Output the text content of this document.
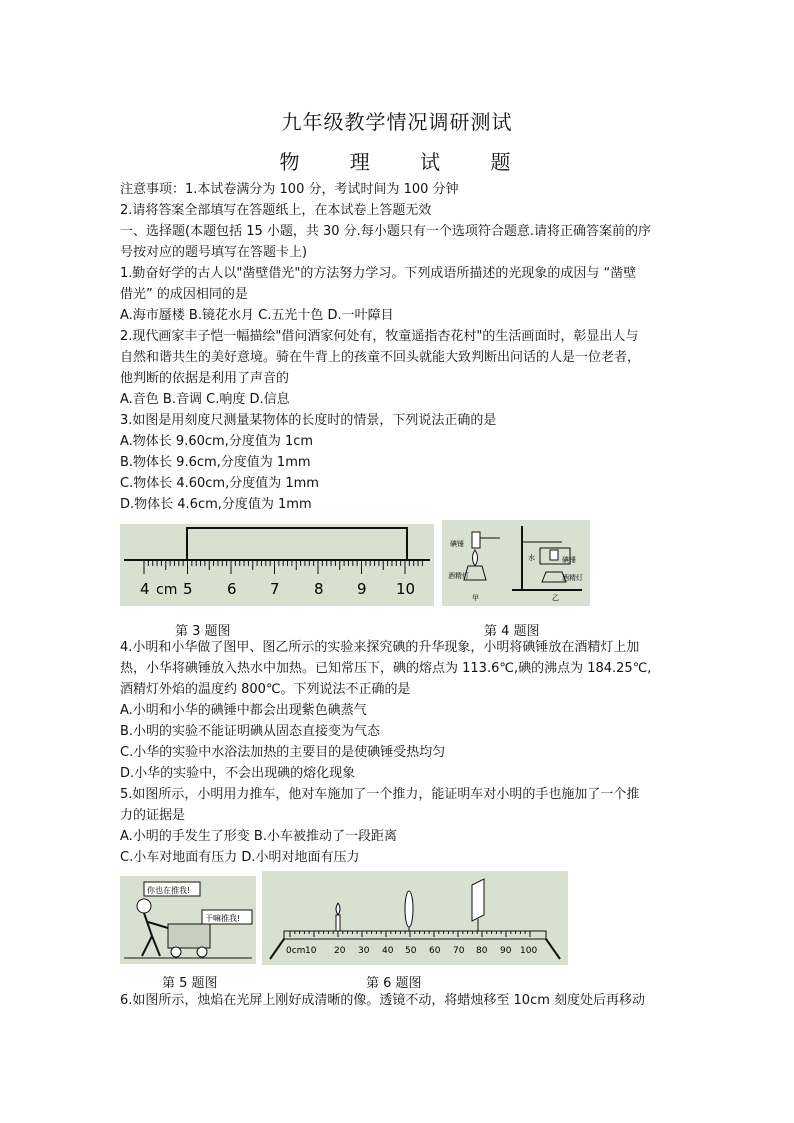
九年级教学情况调研测试
物 理 试 题
注意事项：1.本试卷满分为 100 分，考试时间为 100 分钟
2.请将答案全部填写在答题纸上，在本试卷上答题无效
一、选择题(本题包括 15 小题，共 30 分.每小题只有一个选项符合题意.请将正确答案前的序
号按对应的题号填写在答题卡上)
1.勤奋好学的古人以"凿壁借光"的方法努力学习。下列成语所描述的光现象的成因与 “凿壁
借光” 的成因相同的是
A.海市蜃楼 B.镜花水月 C.五光十色 D.一叶障目
2.现代画家丰子恺一幅描绘"借问酒家何处有，牧童遥指杏花村"的生活画面时，彰显出人与
自然和谐共生的美好意境。骑在牛背上的孩童不回头就能大致判断出问话的人是一位老者，
他判断的依据是利用了声音的
A.音色 B.音调 C.响度 D.信息
3.如图是用刻度尺测量某物体的长度时的情景，下列说法正确的是
A.物体长 9.60cm,分度值为 1cm
B.物体长 9.6cm,分度值为 1mm
C.物体长 4.60cm,分度值为 1mm
D.物体长 4.6cm,分度值为 1mm
4 cm 5 6 7 8 9 10
碘锤
水	碘锤
酒精灯	酒精灯
甲	乙
第 3 题图	第 4 题图
4.小明和小华做了图甲、图乙所示的实验来探究碘的升华现象，小明将碘锤放在酒精灯上加
热，小华将碘锤放入热水中加热。已知常压下，碘的熔点为 113.6℃,碘的沸点为 184.25℃,
酒精灯外焰的温度约 800℃。下列说法不正确的是
A.小明和小华的碘锤中都会出现紫色碘蒸气
B.小明的实验不能证明碘从固态直接变为气态
C.小华的实验中水浴法加热的主要目的是使碘锤受热均匀
D.小华的实验中，不会出现碘的熔化现象
5.如图所示，小明用力推车，他对车施加了一个推力，能证明车对小明的手也施加了一个推
力的证据是
A.小明的手发生了形变 B.小车被推动了一段距离
C.小车对地面有压力 D.小明对地面有压力
你也在推我!
干嘛推我!
0cm 10 20 30 40 50 60 70 80 90 100
第 5 题图	第 6 题图
6.如图所示，烛焰在光屏上刚好成清晰的像。透镜不动，将蜡烛移至 10cm 刻度处后再移动
